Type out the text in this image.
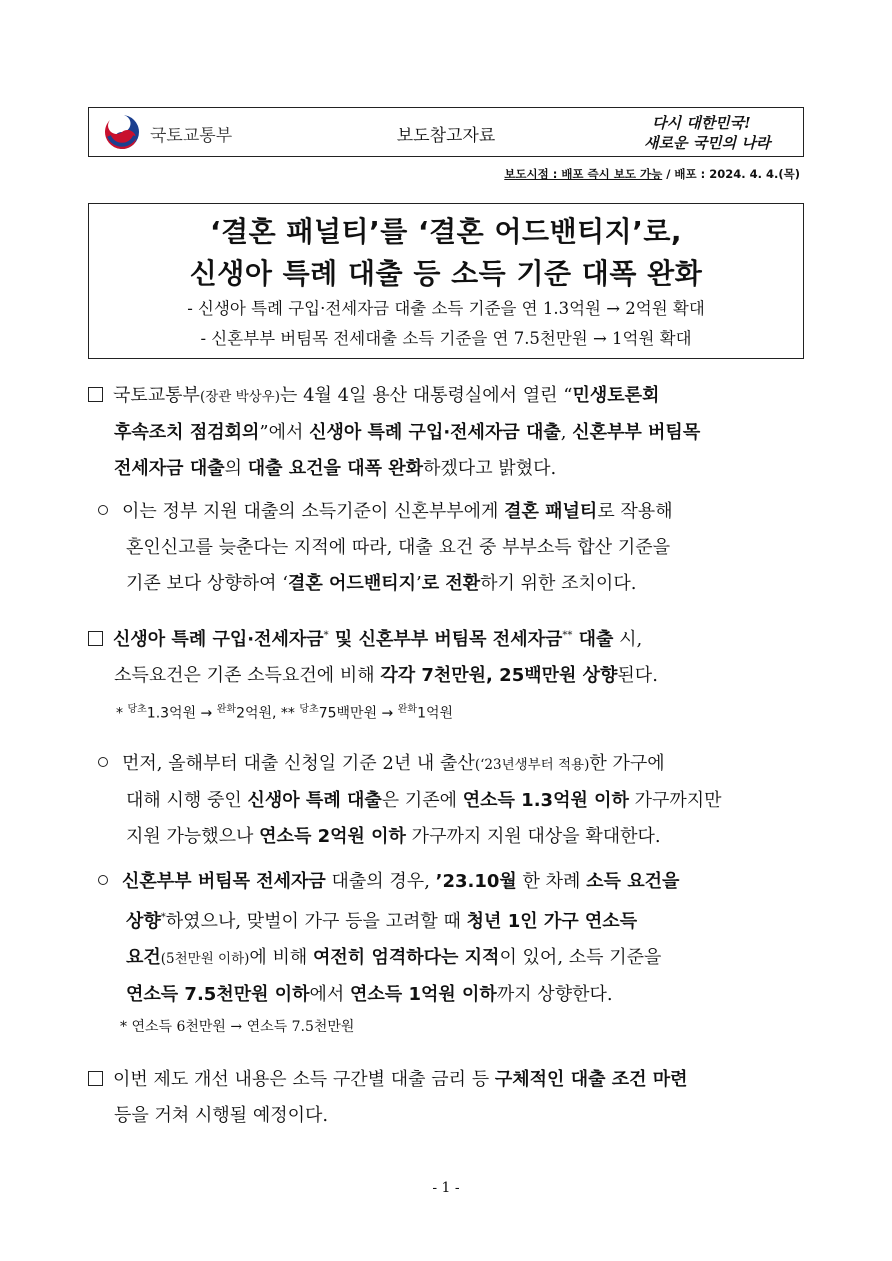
국토교통부	보도참고자료
다시 대한민국!
새로운 국민의 나라
보도시점 : 배포 즉시 보도 가능 / 배포 : 2024. 4. 4.(목)
‘결혼 패널티’를 ‘결혼 어드밴티지’로,
신생아 특례 대출 등 소득 기준 대폭 완화
- 신생아 특례 구입·전세자금 대출 소득 기준을 연 1.3억원 → 2억원 확대
- 신혼부부 버팀목 전세대출 소득 기준을 연 7.5천만원 → 1억원 확대
국토교통부(장관 박상우)는 4월 4일 용산 대통령실에서 열린 “민생토론회
후속조치 점검회의”에서 신생아 특례 구입·전세자금 대출, 신혼부부 버팀목
전세자금 대출의 대출 요건을 대폭 완화하겠다고 밝혔다.
이는 정부 지원 대출의 소득기준이 신혼부부에게 결혼 패널티로 작용해
혼인신고를 늦춘다는 지적에 따라, 대출 요건 중 부부소득 합산 기준을
기존 보다 상향하여 ‘결혼 어드밴티지’로 전환하기 위한 조치이다.
신생아 특례 구입·전세자금* 및 신혼부부 버팀목 전세자금** 대출 시,
소득요건은 기존 소득요건에 비해 각각 7천만원, 25백만원 상향된다.
* $^{당초}$1.3억원 → $^{완화}$2억원, ** $^{당초}$75백만원 → $^{완화}$1억원
먼저, 올해부터 대출 신청일 기준 2년 내 출산(‘23년생부터 적용)한 가구에
대해 시행 중인 신생아 특례 대출은 기존에 연소득 1.3억원 이하 가구까지만
지원 가능했으나 연소득 2억원 이하 가구까지 지원 대상을 확대한다.
신혼부부 버팀목 전세자금 대출의 경우, ’23.10월 한 차례 소득 요건을
상향*하였으나, 맞벌이 가구 등을 고려할 때 청년 1인 가구 연소득
요건(5천만원 이하)에 비해 여전히 엄격하다는 지적이 있어, 소득 기준을
연소득 7.5천만원 이하에서 연소득 1억원 이하까지 상향한다.
* 연소득 6천만원 → 연소득 7.5천만원
이번 제도 개선 내용은 소득 구간별 대출 금리 등 구체적인 대출 조건 마련
등을 거쳐 시행될 예정이다.
- 1 -
